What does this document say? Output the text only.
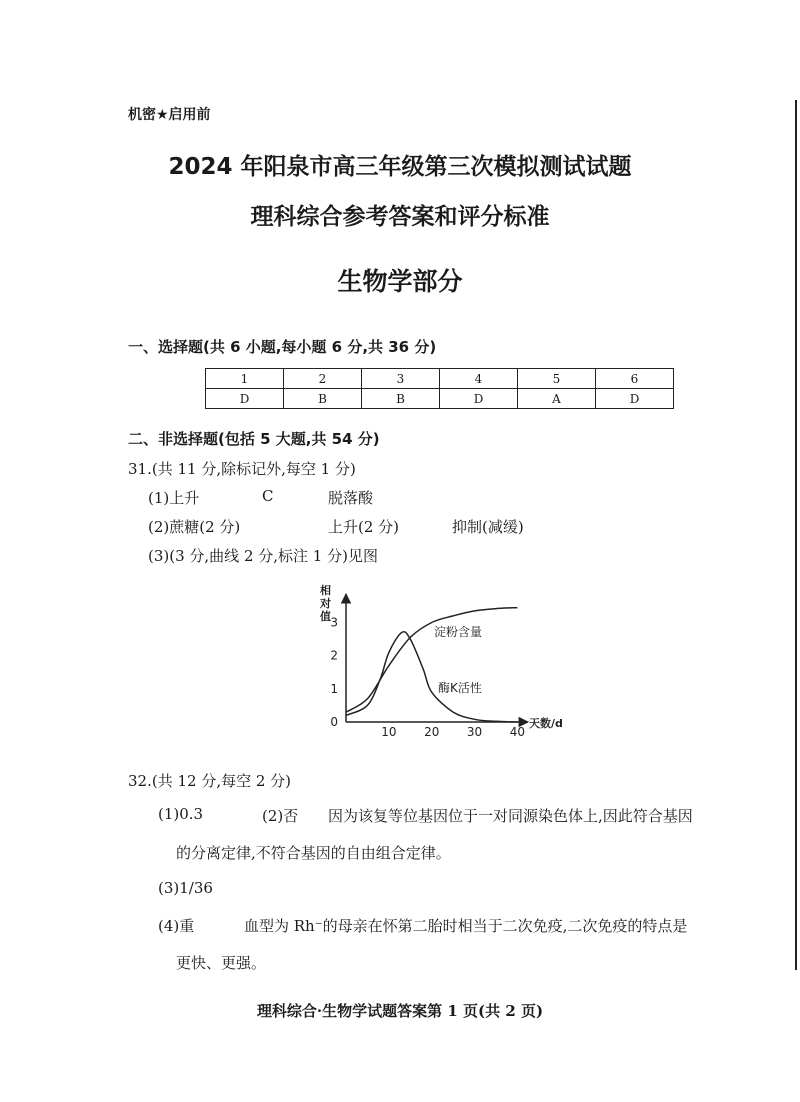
机密★启用前
2024 年阳泉市高三年级第三次模拟测试试题
理科综合参考答案和评分标准
生物学部分
一、选择题(共 6 小题,每小题 6 分,共 36 分)
1	2	3	4	5	6
D	B	B	D	A	D
二、非选择题(包括 5 大题,共 54 分)
31.(共 11 分,除标记外,每空 1 分)
(1)上升	C	脱落酸
(2)蔗糖(2 分)	上升(2 分)	抑制(减缓)
(3)(3 分,曲线 2 分,标注 1 分)见图
相
对
值
天数/d
10 20 30 40
0
1
2
3
淀粉含量
酶K活性
32.(共 12 分,每空 2 分)
(1)0.3	(2)否 因为该复等位基因位于一对同源染色体上,因此符合基因
的分离定律,不符合基因的自由组合定律。
(3)1/36
(4)重	血型为 Rh⁻的母亲在怀第二胎时相当于二次免疫,二次免疫的特点是
更快、更强。
理科综合·生物学试题答案第 1 页(共 2 页)
